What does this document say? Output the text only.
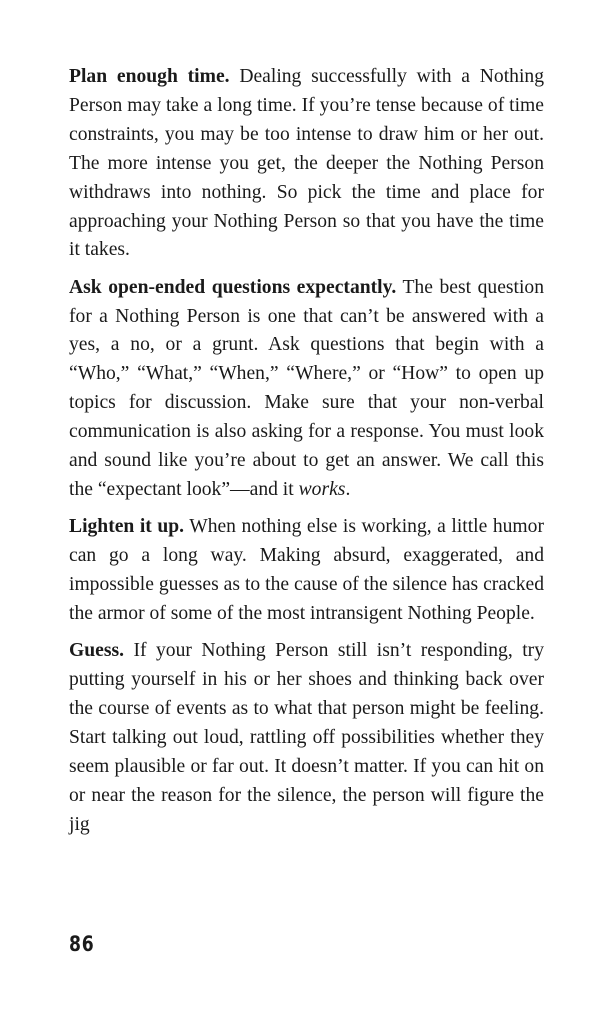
Plan enough time. Dealing successfully with a Nothing Person may take a long time. If you’re tense because of time constraints, you may be too intense to draw him or her out. The more intense you get, the deeper the Nothing Person withdraws into nothing. So pick the time and place for approaching your Nothing Person so that you have the time it takes.

Ask open-ended questions expectantly. The best question for a Nothing Person is one that can’t be answered with a yes, a no, or a grunt. Ask questions that begin with a “Who,” “What,” “When,” “Where,” or “How” to open up topics for discussion. Make sure that your non-verbal communication is also asking for a response. You must look and sound like you’re about to get an answer. We call this the “expectant look”—and it works.

Lighten it up. When nothing else is working, a little humor can go a long way. Making absurd, exaggerated, and impossible guesses as to the cause of the silence has cracked the armor of some of the most intransigent Nothing People.

Guess. If your Nothing Person still isn’t responding, try putting yourself in his or her shoes and thinking back over the course of events as to what that person might be feeling. Start talking out loud, rattling off possibilities whether they seem plausible or far out. It doesn’t matter. If you can hit on or near the reason for the silence, the person will figure the jig

86
